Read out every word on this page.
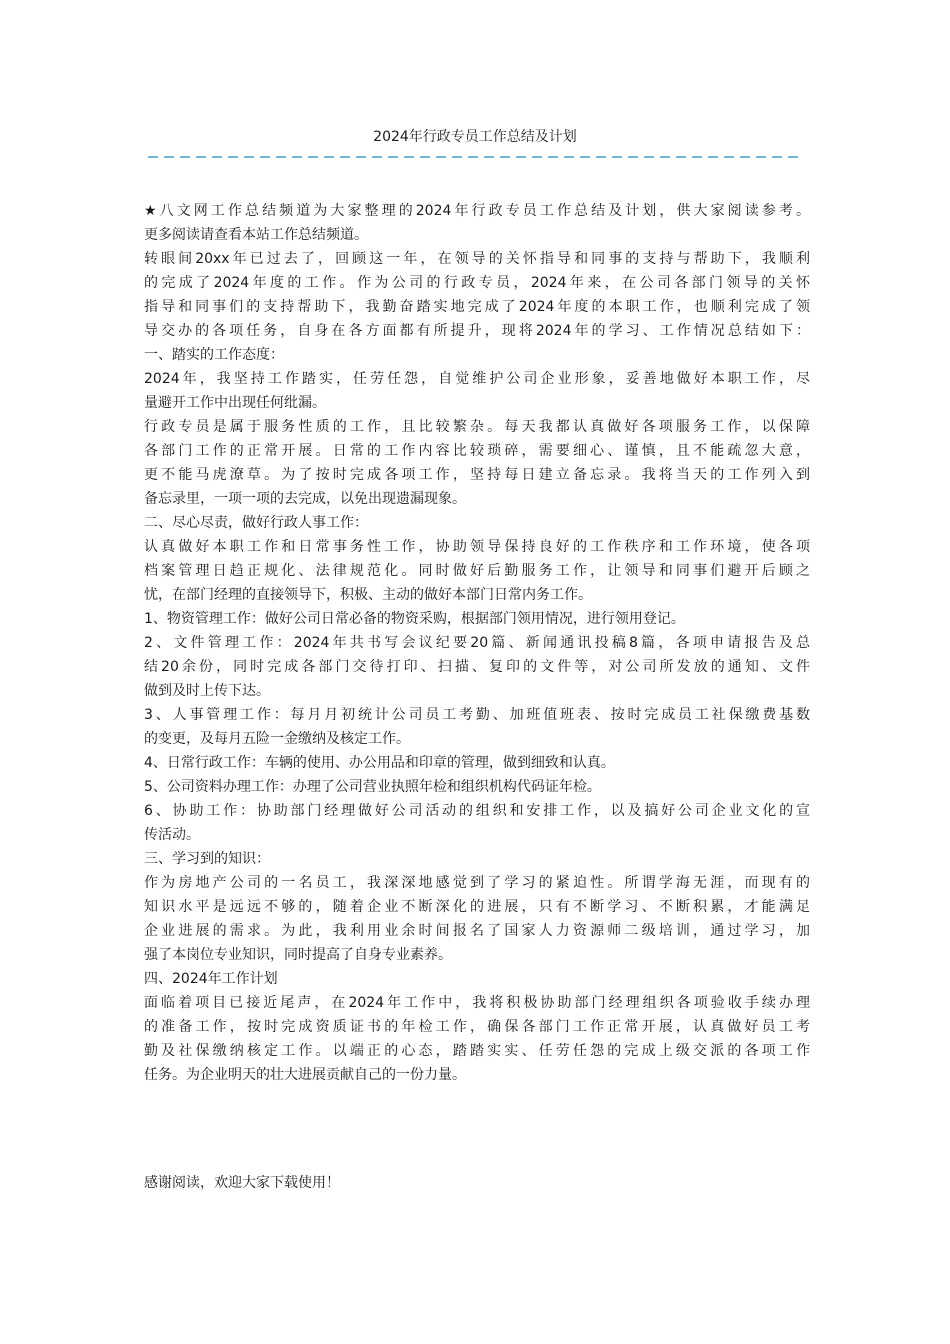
2024年行政专员工作总结及计划
★八文网工作总结频道为大家整理的2024年行政专员工作总结及计划，供大家阅读参考。
更多阅读请查看本站工作总结频道。
转眼间20xx年已过去了，回顾这一年，在领导的关怀指导和同事的支持与帮助下，我顺利
的完成了2024年度的工作。作为公司的行政专员，2024年来，在公司各部门领导的关怀
指导和同事们的支持帮助下，我勤奋踏实地完成了2024年度的本职工作，也顺利完成了领
导交办的各项任务，自身在各方面都有所提升，现将2024年的学习、工作情况总结如下：
一、踏实的工作态度：
2024年，我坚持工作踏实，任劳任怨，自觉维护公司企业形象，妥善地做好本职工作，尽
量避开工作中出现任何纰漏。
行政专员是属于服务性质的工作，且比较繁杂。每天我都认真做好各项服务工作，以保障
各部门工作的正常开展。日常的工作内容比较琐碎，需要细心、谨慎，且不能疏忽大意，
更不能马虎潦草。为了按时完成各项工作，坚持每日建立备忘录。我将当天的工作列入到
备忘录里，一项一项的去完成，以免出现遗漏现象。
二、尽心尽责，做好行政人事工作：
认真做好本职工作和日常事务性工作，协助领导保持良好的工作秩序和工作环境，使各项
档案管理日趋正规化、法律规范化。同时做好后勤服务工作，让领导和同事们避开后顾之
忧，在部门经理的直接领导下，积极、主动的做好本部门日常内务工作。
1、物资管理工作：做好公司日常必备的物资采购，根据部门领用情况，进行领用登记。
2、文件管理工作：2024年共书写会议纪要20篇、新闻通讯投稿8篇，各项申请报告及总
结20余份，同时完成各部门交待打印、扫描、复印的文件等，对公司所发放的通知、文件
做到及时上传下达。
3、人事管理工作：每月月初统计公司员工考勤、加班值班表、按时完成员工社保缴费基数
的变更，及每月五险一金缴纳及核定工作。
4、日常行政工作：车辆的使用、办公用品和印章的管理，做到细致和认真。
5、公司资料办理工作：办理了公司营业执照年检和组织机构代码证年检。
6、协助工作：协助部门经理做好公司活动的组织和安排工作，以及搞好公司企业文化的宣
传活动。
三、学习到的知识：
作为房地产公司的一名员工，我深深地感觉到了学习的紧迫性。所谓学海无涯，而现有的
知识水平是远远不够的，随着企业不断深化的进展，只有不断学习、不断积累，才能满足
企业进展的需求。为此，我利用业余时间报名了国家人力资源师二级培训，通过学习，加
强了本岗位专业知识，同时提高了自身专业素养。
四、2024年工作计划
面临着项目已接近尾声，在2024年工作中，我将积极协助部门经理组织各项验收手续办理
的准备工作，按时完成资质证书的年检工作，确保各部门工作正常开展，认真做好员工考
勤及社保缴纳核定工作。以端正的心态，踏踏实实、任劳任怨的完成上级交派的各项工作
任务。为企业明天的壮大进展贡献自己的一份力量。
感谢阅读，欢迎大家下载使用！
